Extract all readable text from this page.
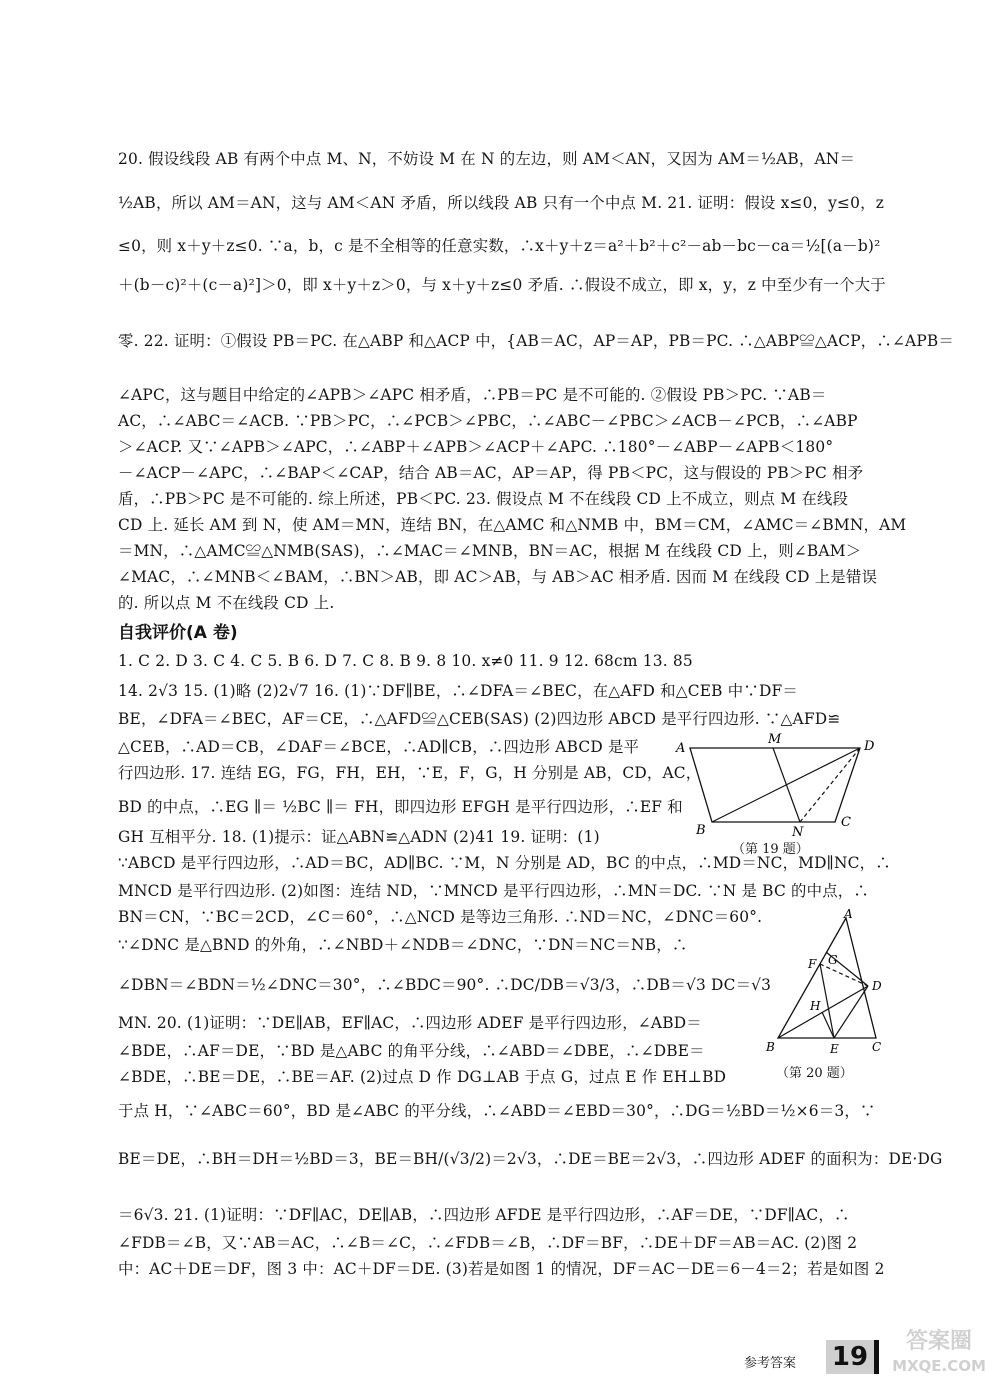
20. 假设线段 AB 有两个中点 M、N，不妨设 M 在 N 的左边，则 AM＜AN，又因为 AM＝½AB，AN＝
½AB，所以 AM＝AN，这与 AM＜AN 矛盾，所以线段 AB 只有一个中点 M. 21. 证明：假设 x≤0，y≤0，z
≤0，则 x＋y＋z≤0. ∵a，b，c 是不全相等的任意实数，∴x＋y＋z＝a²＋b²＋c²－ab－bc－ca＝½[(a－b)²
＋(b－c)²＋(c－a)²]＞0，即 x＋y＋z＞0，与 x＋y＋z≤0 矛盾. ∴假设不成立，即 x，y，z 中至少有一个大于
零. 22. 证明：①假设 PB＝PC. 在△ABP 和△ACP 中，{AB＝AC，AP＝AP，PB＝PC. ∴△ABP≌△ACP，∴∠APB＝
∠APC，这与题目中给定的∠APB＞∠APC 相矛盾，∴PB＝PC 是不可能的. ②假设 PB＞PC. ∵AB＝
AC，∴∠ABC＝∠ACB. ∵PB＞PC，∴∠PCB＞∠PBC，∴∠ABC－∠PBC＞∠ACB－∠PCB，∴∠ABP
＞∠ACP. 又∵∠APB＞∠APC，∴∠ABP＋∠APB＞∠ACP＋∠APC. ∴180°－∠ABP－∠APB＜180°
－∠ACP－∠APC，∴∠BAP＜∠CAP，结合 AB＝AC，AP＝AP，得 PB＜PC，这与假设的 PB＞PC 相矛
盾，∴PB＞PC 是不可能的. 综上所述，PB＜PC. 23. 假设点 M 不在线段 CD 上不成立，则点 M 在线段
CD 上. 延长 AM 到 N，使 AM＝MN，连结 BN，在△AMC 和△NMB 中，BM＝CM，∠AMC＝∠BMN，AM
＝MN，∴△AMC≌△NMB(SAS)，∴∠MAC＝∠MNB，BN＝AC，根据 M 在线段 CD 上，则∠BAM＞
∠MAC，∴∠MNB＜∠BAM，∴BN＞AB，即 AC＞AB，与 AB＞AC 相矛盾. 因而 M 在线段 CD 上是错误
的. 所以点 M 不在线段 CD 上.
自我评价(A 卷)
1. C 2. D 3. C 4. C 5. B 6. D 7. C 8. B 9. 8 10. x≠0 11. 9 12. 68cm 13. 85
14. 2√3 15. (1)略 (2)2√7 16. (1)∵DF∥BE，∴∠DFA＝∠BEC，在△AFD 和△CEB 中∵DF＝
BE，∠DFA＝∠BEC，AF＝CE，∴△AFD≌△CEB(SAS) (2)四边形 ABCD 是平行四边形. ∵△AFD≌
△CEB，∴AD＝CB，∠DAF＝∠BCE，∴AD∥CB，∴四边形 ABCD 是平
行四边形. 17. 连结 EG，FG，FH，EH，∵E，F，G，H 分别是 AB，CD，AC，
BD 的中点，∴EG ∥＝ ½BC ∥＝ FH，即四边形 EFGH 是平行四边形，∴EF 和
GH 互相平分. 18. (1)提示：证△ABN≌△ADN (2)41 19. 证明：(1)
∵ABCD 是平行四边形，∴AD＝BC，AD∥BC. ∵M，N 分别是 AD，BC 的中点，∴MD＝NC，MD∥NC，∴
MNCD 是平行四边形. (2)如图：连结 ND，∵MNCD 是平行四边形，∴MN＝DC. ∵N 是 BC 的中点，∴
BN＝CN，∵BC＝2CD，∠C＝60°，∴△NCD 是等边三角形. ∴ND＝NC，∠DNC＝60°.
∵∠DNC 是△BND 的外角，∴∠NBD＋∠NDB＝∠DNC，∵DN＝NC＝NB，∴
∠DBN＝∠BDN＝½∠DNC＝30°，∴∠BDC＝90°. ∴DC/DB＝√3/3，∴DB＝√3 DC＝√3
MN. 20. (1)证明：∵DE∥AB，EF∥AC，∴四边形 ADEF 是平行四边形，∠ABD＝
∠BDE，∴AF＝DE，∵BD 是△ABC 的角平分线，∴∠ABD＝∠DBE，∴∠DBE＝
∠BDE，∴BE＝DE，∴BE＝AF. (2)过点 D 作 DG⊥AB 于点 G，过点 E 作 EH⊥BD
于点 H，∵∠ABC＝60°，BD 是∠ABC 的平分线，∴∠ABD＝∠EBD＝30°，∴DG＝½BD＝½×6＝3，∵
BE＝DE，∴BH＝DH＝½BD＝3，BE＝BH/(√3/2)＝2√3，∴DE＝BE＝2√3，∴四边形 ADEF 的面积为：DE·DG
＝6√3. 21. (1)证明：∵DF∥AC，DE∥AB，∴四边形 AFDE 是平行四边形，∴AF＝DE，∵DF∥AC，∴
∠FDB＝∠B，又∵AB＝AC，∴∠B＝∠C，∴∠FDB＝∠B，∴DF＝BF，∴DE＋DF＝AB＝AC. (2)图 2
中：AC＋DE＝DF，图 3 中：AC＋DF＝DE. (3)若是如图 1 的情况，DF＝AC－DE＝6－4＝2；若是如图 2
A
M	D
B	N
C
（第 19 题）
A
F G
D
H
B	E	C
（第 20 题）
参考答案 19
答案圈
MXQE.COM
